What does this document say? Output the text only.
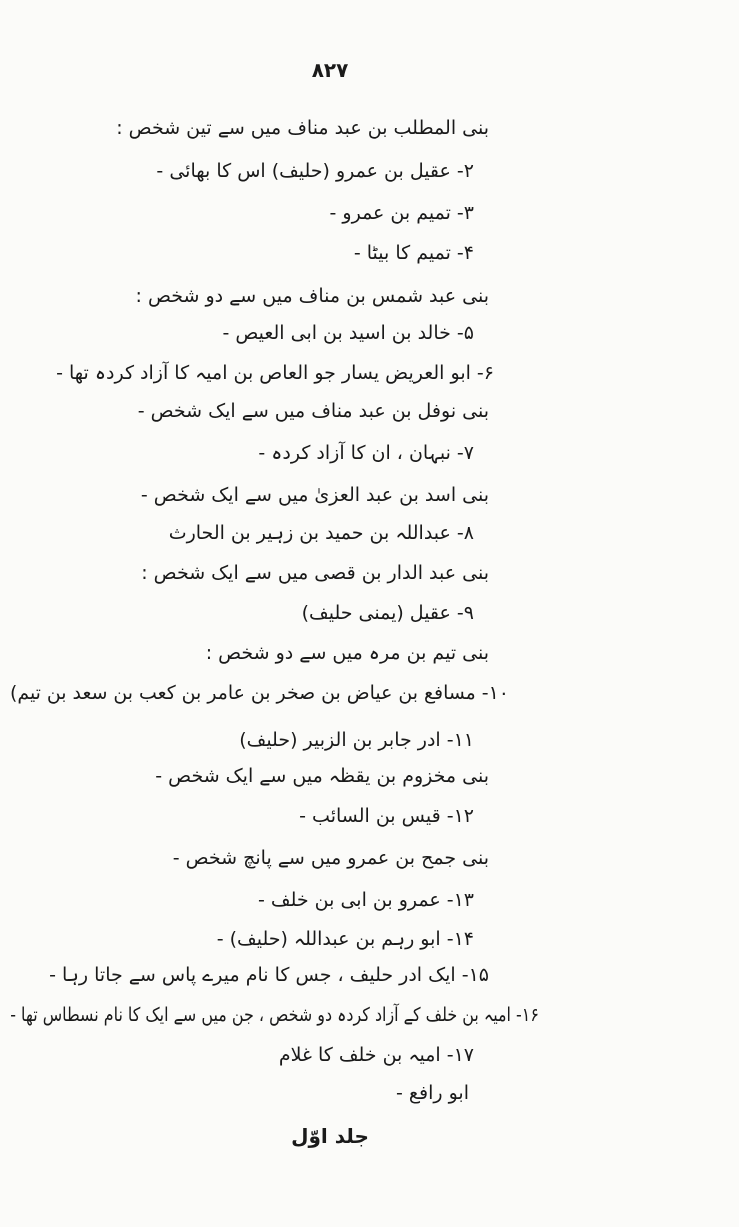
۸۲۷
بنی المطلب بن عبد مناف میں سے تین شخص :
۲- عقیل بن عمرو (حلیف) اس کا بھائی -
۳- تمیم بن عمرو -
۴- تمیم کا بیٹا -
بنی عبد شمس بن مناف میں سے دو شخص :
۵- خالد بن اسید بن ابی العیص -
۶- ابو العریض یسار جو العاص بن امیہ کا آزاد کردہ تھا -
بنی نوفل بن عبد مناف میں سے ایک شخص -
۷- نبہان ، ان کا آزاد کردہ -
بنی اسد بن عبد العزیٰ میں سے ایک شخص -
۸- عبداللہ بن حمید بن زہیر بن الحارث
بنی عبد الدار بن قصی میں سے ایک شخص :
۹- عقیل (یمنی حلیف)
بنی تیم بن مرہ میں سے دو شخص :
۱۰- مسافع بن عیاض بن صخر بن عامر بن کعب بن سعد بن تیم)
۱۱- ادر جابر بن الزبیر (حلیف)
بنی مخزوم بن یقظہ میں سے ایک شخص -
۱۲- قیس بن السائب -
بنی جمح بن عمرو میں سے پانچ شخص -
۱۳- عمرو بن ابی بن خلف -
۱۴- ابو رہم بن عبداللہ (حلیف) -
۱۵- ایک ادر حلیف ، جس کا نام میرے پاس سے جاتا رہا -
۱۶- امیہ بن خلف کے آزاد کردہ دو شخص ، جن میں سے ایک کا نام نسطاس تھا -
۱۷- امیہ بن خلف کا غلام
ابو رافع -
جلد اوّل
